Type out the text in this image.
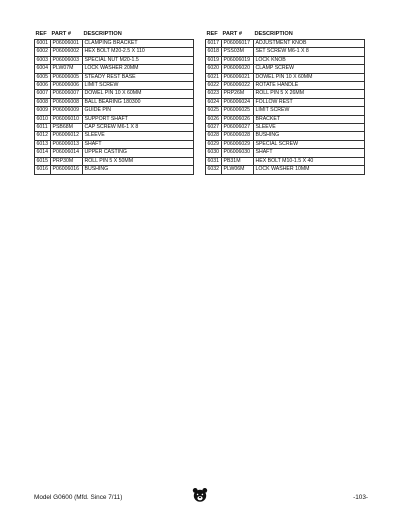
REF	PART #	DESCRIPTION
6001	P06006001	CLAMPING BRACKET
6002	P06006002	HEX BOLT M20-2.5 X 110
6003	P06006003	SPECIAL NUT M20-1.5
6004	PLW07M	LOCK WASHER 20MM
6005	P06006005	STEADY REST BASE
6006	P06006006	LIMIT SCREW
6007	P06006007	DOWEL PIN 10 X 60MM
6008	P06006008	BALL BEARING 180300
6009	P06006009	GUIDE PIN
6010	P06006010	SUPPORT SHAFT
6011	PSB68M	CAP SCREW M6-1 X 8
6012	P06006012	SLEEVE
6013	P06006013	SHAFT
6014	P06006014	UPPER CASTING
6015	PRP30M	ROLL PIN 5 X 50MM
6016	P06006016	BUSHING
REF	PART #	DESCRIPTION
6017	P06006017	ADJUSTMENT KNOB
6018	PSS03M	SET SCREW M6-1 X 8
6019	P06006019	LOCK KNOB
6020	P06006020	CLAMP SCREW
6021	P06006021	DOWEL PIN 10 X 60MM
6022	P06006022	ROTATE HANDLE
6023	PRP26M	ROLL PIN 5 X 26MM
6024	P06006024	FOLLOW REST
6025	P06006025	LIMIT SCREW
6026	P06006026	BRACKET
6027	P06006027	SLEEVE
6028	P06006028	BUSHING
6029	P06006029	SPECIAL SCREW
6030	P06006030	SHAFT
6031	PB31M	HEX BOLT M10-1.5 X 40
6032	PLW06M	LOCK WASHER 10MM
Model G0600 (Mfd. Since 7/11)	-103-
